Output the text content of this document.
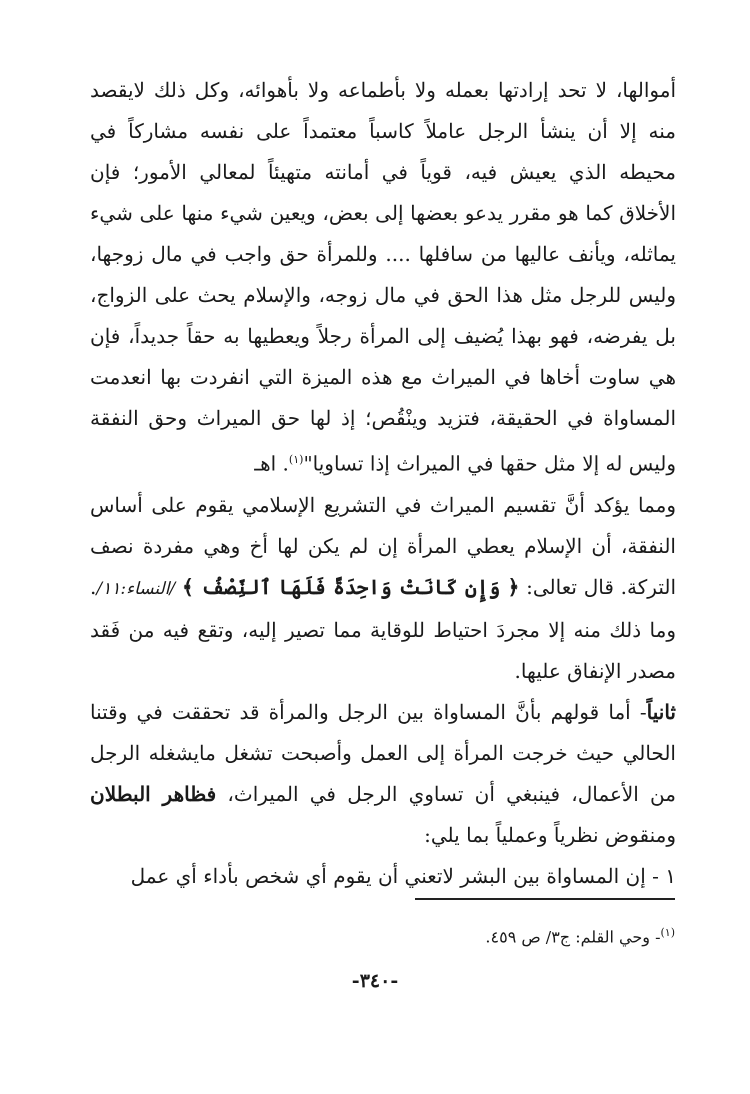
أموالها، لا تحد إرادتها بعمله ولا بأطماعه ولا بأهوائه، وكل ذلك لايقصد منه إلا أن ينشأ الرجل عاملاً كاسباً معتمداً على نفسه مشاركاً في محيطه الذي يعيش فيه، قوياً في أمانته متهيئاً لمعالي الأمور؛ فإن الأخلاق كما هو مقرر يدعو بعضها إلى بعض، ويعين شيء منها على شيء يماثله، ويأنف عاليها من سافلها .... وللمرأة حق واجب في مال زوجها، وليس للرجل مثل هذا الحق في مال زوجه، والإسلام يحث على الزواج، بل يفرضه، فهو بهذا يُضيف إلى المرأة رجلاً ويعطيها به حقاً جديداً، فإن هي ساوت أخاها في الميراث مع هذه الميزة التي انفردت بها انعدمت المساواة في الحقيقة، فتزيد وينْقُص؛ إذ لها حق الميراث وحق النفقة وليس له إلا مثل حقها في الميراث إذا تساويا"$^{(١)}$. اهـ

ومما يؤكد أنَّ تقسيم الميراث في التشريع الإسلامي يقوم على أساس النفقة، أن الإسلام يعطي المرأة إن لم يكن لها أخ وهي مفردة نصف التركة. قال تعالى: ﴿ وَإِن كَانَتْ وَاحِدَةً فَلَهَا ٱلنِّصْفُ ﴾ /النساء:١١/. وما ذلك منه إلا مجردَ احتياط للوقاية مما تصير إليه، وتقع فيه من فَقد مصدر الإنفاق عليها.

ثانياً- أما قولهم بأنَّ المساواة بين الرجل والمرأة قد تحققت في وقتنا الحالي حيث خرجت المرأة إلى العمل وأصبحت تشغل مايشغله الرجل من الأعمال، فينبغي أن تساوي الرجل في الميراث، فظاهر البطلان ومنقوض نظرياً وعملياً بما يلي:

١ - إن المساواة بين البشر لاتعني أن يقوم أي شخص بأداء أي عمل

$^{(١)}$- وحي القلم: ج٣/ ص ٤٥٩.
-٣٤٠-
